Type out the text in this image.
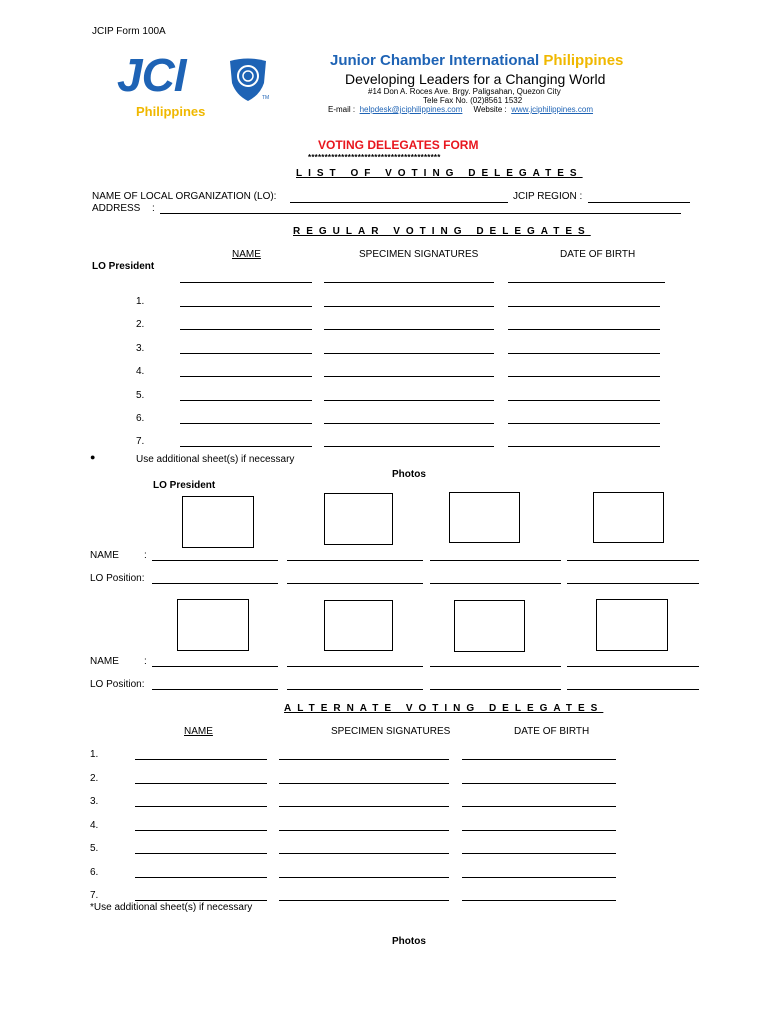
JCIP Form 100A
JCI	TM
Philippines
Junior Chamber International Philippines
Developing Leaders for a Changing World
#14 Don A. Roces Ave. Brgy. Paligsahan, Quezon City
Tele Fax No. (02)8561 1532
E-mail : helpdesk@jciphilippines.com Website : www.jciphilippines.com
VOTING DELEGATES FORM
****************************************
LIST OF VOTING DELEGATES
NAME OF LOCAL ORGANIZATION (LO):	JCIP REGION :
ADDRESS :
REGULAR VOTING DELEGATES
NAME	SPECIMEN SIGNATURES	DATE OF BIRTH
LO President
1.
2.
3.
4.
5.
6.
7.
●	Use additional sheet(s) if necessary
Photos
LO President
NAME	:
LO Position:
NAME	:
LO Position:
ALTERNATE VOTING DELEGATES
NAME	SPECIMEN SIGNATURES	DATE OF BIRTH
1.
2.
3.
4.
5.
6.
7.
*Use additional sheet(s) if necessary
Photos
